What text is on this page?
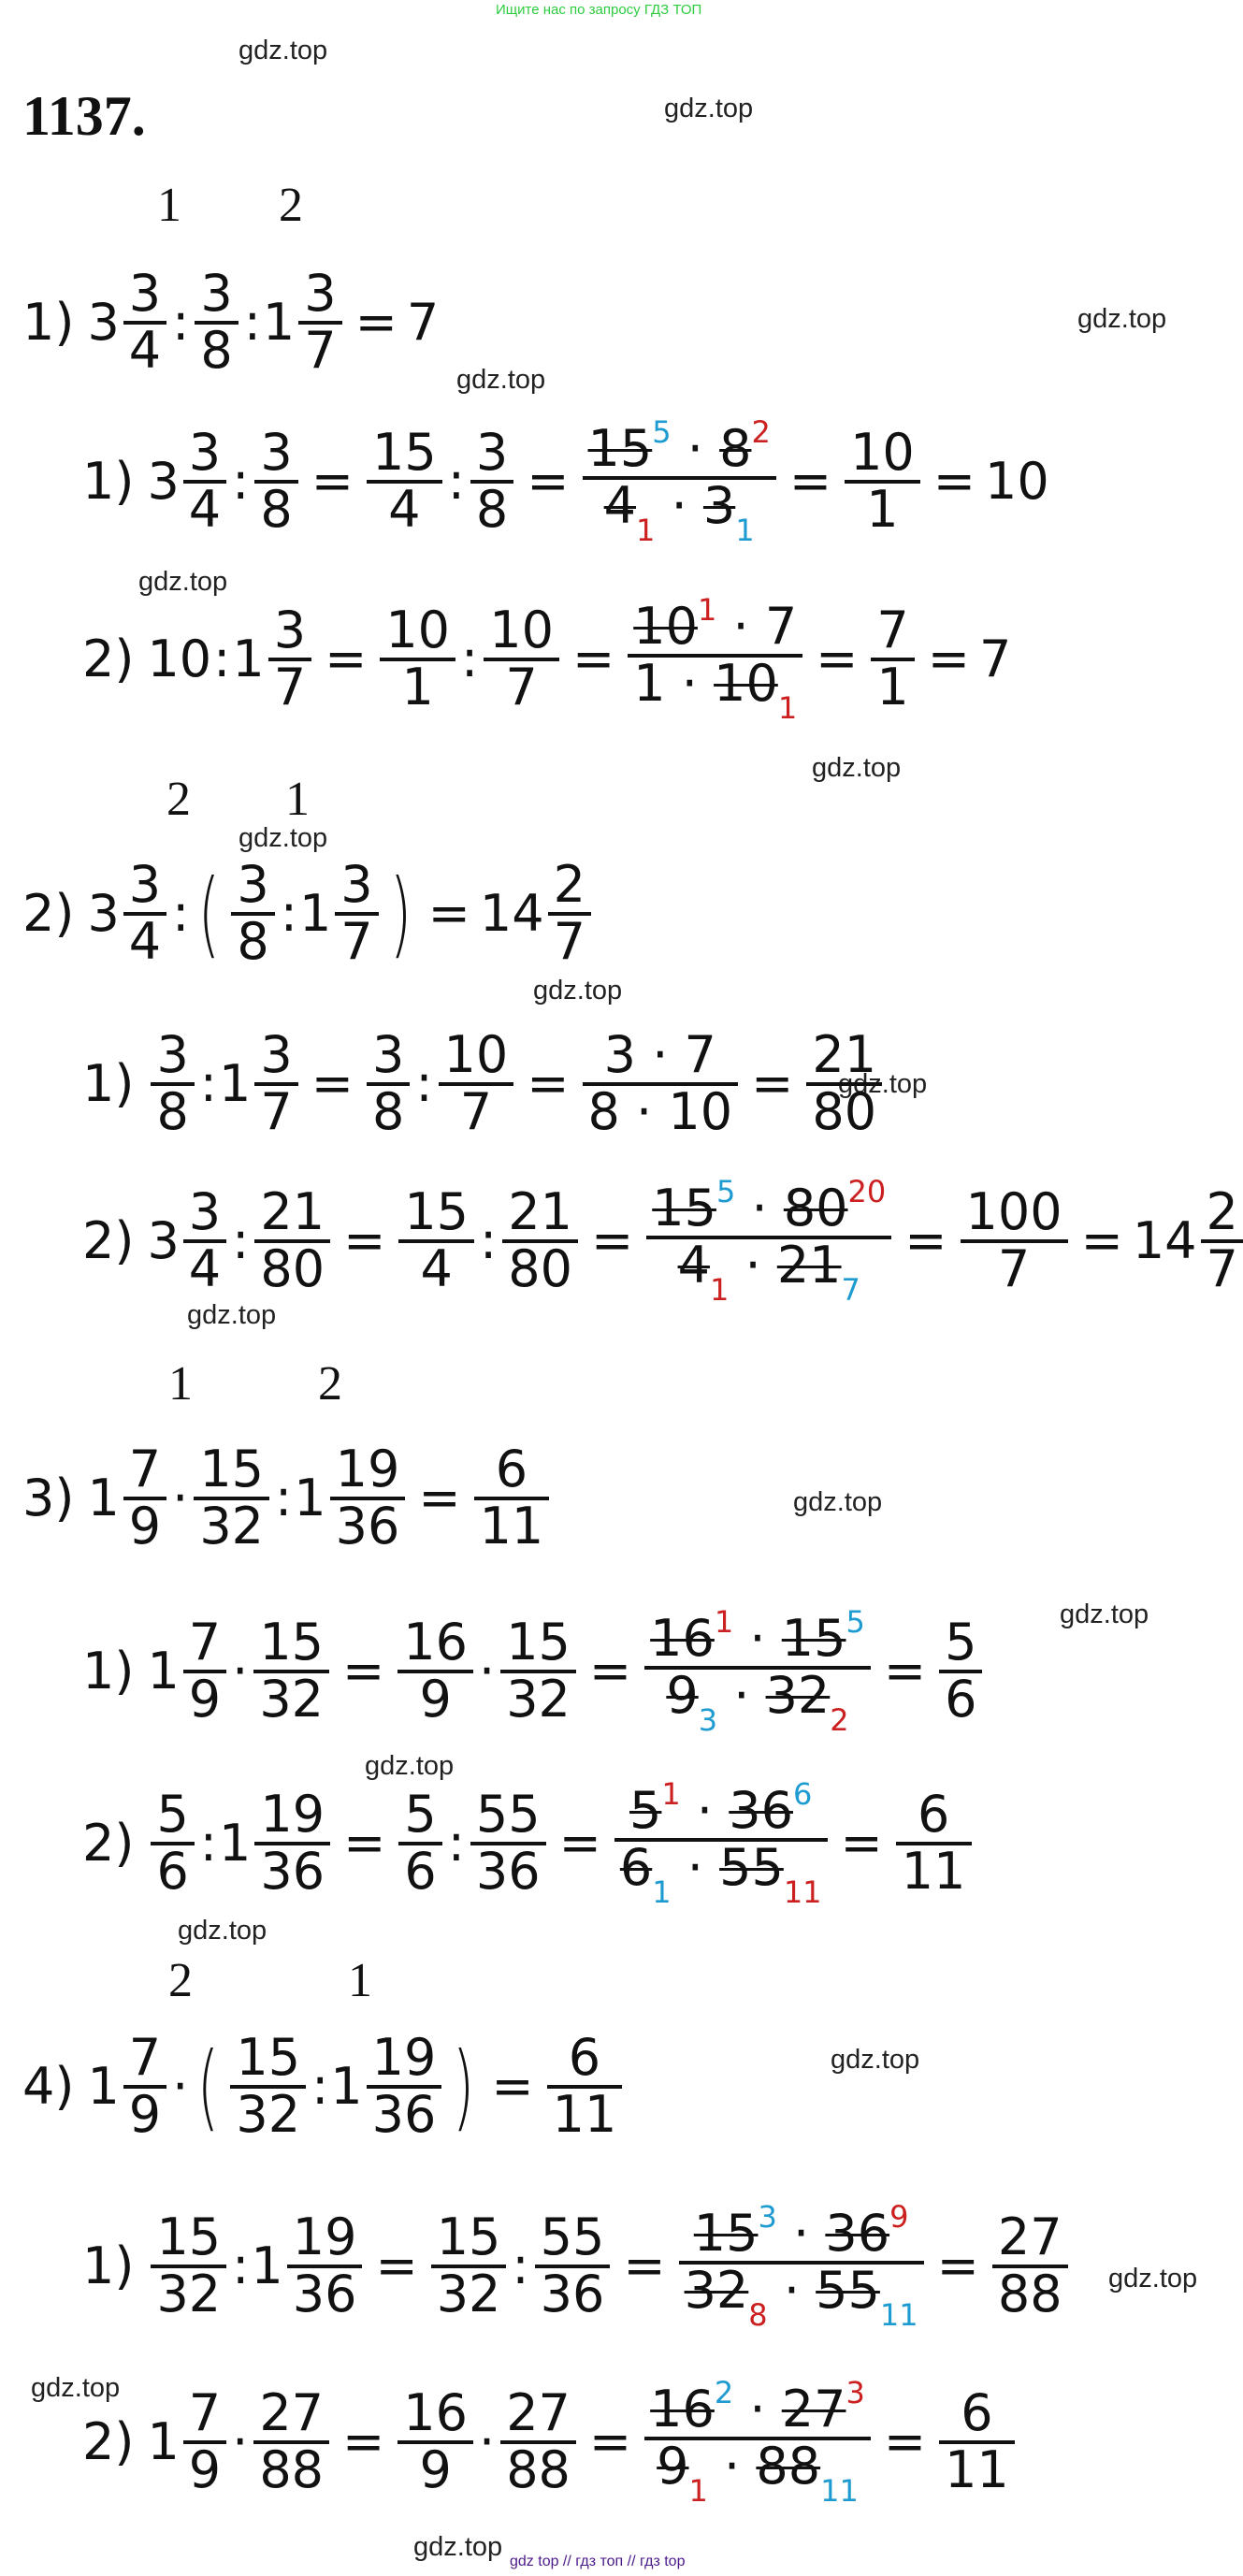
Ищите нас по запросу ГДЗ ТОП
gdz.top
gdz.top
gdz.top
gdz.top
gdz.top
gdz.top
gdz.top
gdz.top
gdz.top
gdz.top
gdz.top
gdz.top
gdz.top
gdz.top
gdz.top
gdz.top
gdz.top
gdz.top gdz top // гдз топ // гдз top
1137.
1 2
1) $3 \frac{3}{4}$ : $\frac{3}{8}$ : $1 \frac{3}{7} = 7$
1) $3 \frac{3}{4}$ : $\frac{3}{8} = \frac{15}{4}$ : $\frac{3}{8} = \frac{15^5 \cdot 8^2}{4_1 \cdot 3_1} = \frac{10}{1} = 10$
2) 10 : $1 \frac{3}{7} = \frac{10}{1}$ : $\frac{10}{7} = \frac{10^1 \cdot 7}{1 \cdot 10_1} = \frac{7}{1} = 7$
2 1
2) $3 \frac{3}{4}$ : ( $\frac{3}{8}$ : $1 \frac{3}{7}$ ) = $14 \frac{2}{7}$
$1) \frac{3}{8}$ : $1 \frac{3}{7} = \frac{3}{8}$ : $\frac{10}{7} = \frac{3 \cdot 7}{8 \cdot 10} = \frac{21}{80}$
2) $3 \frac{3}{4}$ : $\frac{21}{80} = \frac{15}{4}$ : $\frac{21}{80} = \frac{15^5 \cdot 80^{20}}{4_1 \cdot 21_7} = \frac{100}{7} = 14 \frac{2}{7}$
1	2
3) $1 \frac{7}{9} \cdot \frac{15}{32}$ : $1 \frac{19}{36} = \frac{6}{11}$
1) $1 \frac{7}{9} \cdot \frac{15}{32} = \frac{16}{9} \cdot \frac{15}{32} = \frac{16^1 \cdot 15^5}{9_3 \cdot 32_2} = \frac{5}{6}$
$2) \frac{5}{6}$ : $1 \frac{19}{36} = \frac{5}{6}$ : $\frac{55}{36} = \frac{5^1 \cdot 36^6}{6_1 \cdot 55_{11}} = \frac{6}{11}$
2	1
4) $1 \frac{7}{9}$ · ( $\frac{15}{32}$ : $1 \frac{19}{36}$ ) = $\frac{6}{11}$
$1) \frac{15}{32}$ : $1 \frac{19}{36} = \frac{15}{32}$ : $\frac{55}{36} = \frac{15^3 \cdot 36^9}{32_8 \cdot 55_{11}} = \frac{27}{88}$
2) $1 \frac{7}{9} \cdot \frac{27}{88} = \frac{16}{9} \cdot \frac{27}{88} = \frac{16^2 \cdot 27^3}{9_1 \cdot 88_{11}} = \frac{6}{11}$
